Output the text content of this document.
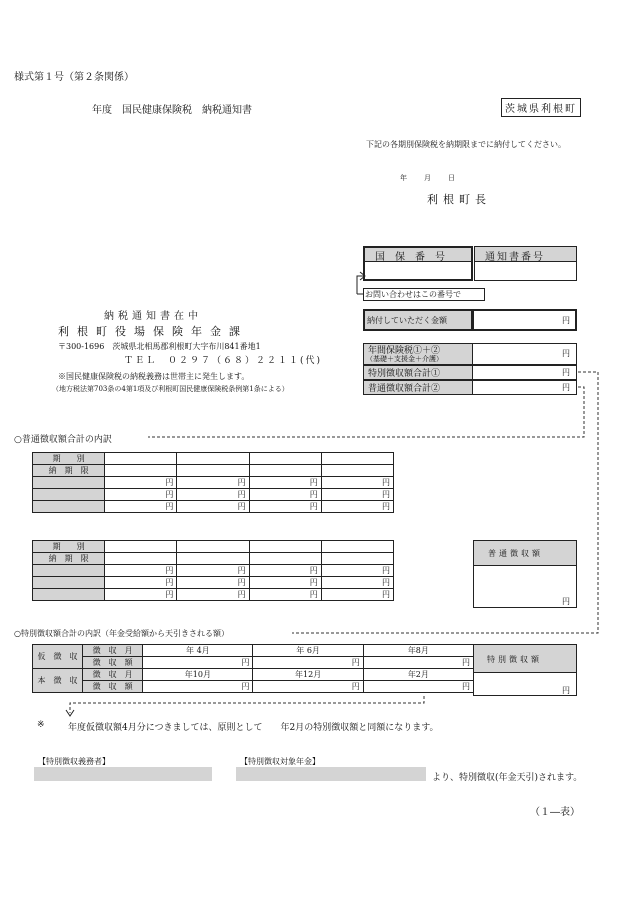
様式第１号（第２条関係）
年度　国民健康保険税　納税通知書	茨城県利根町
下記の各期別保険税を納期限までに納付してください。
年　　月　　日
利根町長
国　保　番　号	通知書番号
お問い合わせはこの番号で
納税通知書在中
利根町役場保険年金課
〒300-1696　茨城県北相馬郡利根町大字布川841番地1
ＴＥＬ　０２９７（６８）２２１１(代)
※国民健康保険税の納税義務は世帯主に発生します。
（地方税法第703条の4第1項及び利根町国民健康保険税条例第1条による）
納付していただく金額	円
年間保険税①＋②
（基礎＋支援金＋介護）
円
特別徴収額合計①	円
普通徴収額合計②	円
○普通徴収額合計の内訳
期　　別				
納　期　限				
	円	円	円	円
	円	円	円	円
	円	円	円	円
期　　別				
納　期　限				
	円	円	円	円
	円	円	円	円
	円	円	円	円
普通徴収額
円
○特別徴収額合計の内訳（年金受給額から天引きされる額）
仮　徴　収	徴　収　月	年 4月	年 6月	年8月
	徴　収　額	円	円	円
本　徴　収	徴　収　月	年10月	年12月	年2月
	徴　収　額	円	円	円
特別徴収額
円
※	年度仮徴収額4月分につきましては、原則として　　年2月の特別徴収額と同額になります。
【特別徴収義務者】	【特別徴収対象年金】
より、特別徴収(年金天引)されます。
（１―表）
